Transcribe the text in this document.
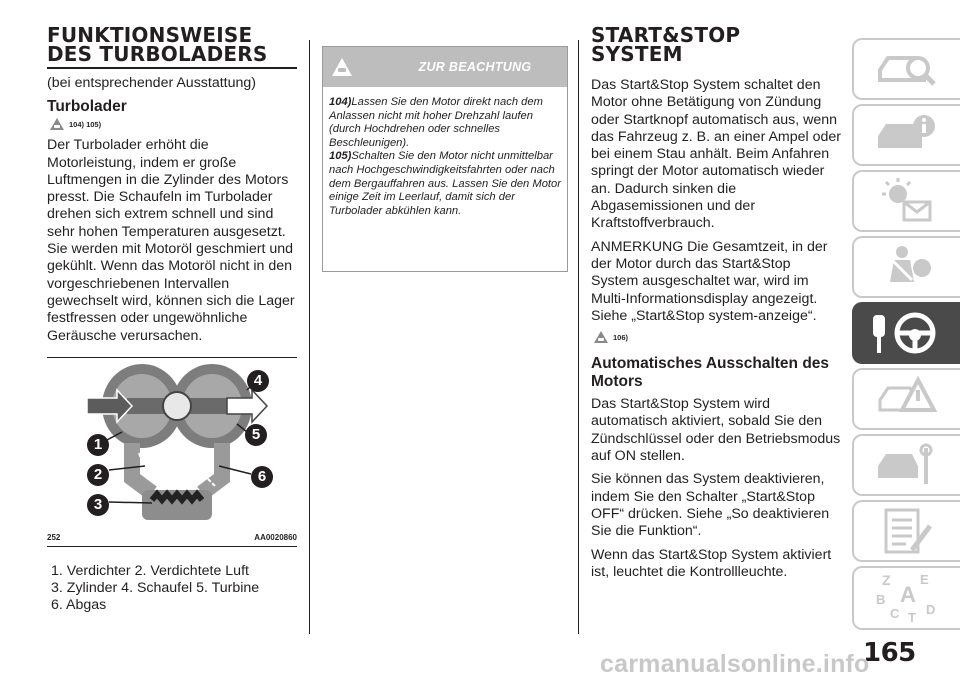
FUNKTIONSWEISE
DES TURBOLADERS
(bei entsprechender Ausstattung)
Turbolader
104) 105)
Der Turbolader erhöht die Motorleistung, indem er große Luftmengen in die Zylinder des Motors presst. Die Schaufeln im Turbolader drehen sich extrem schnell und sind sehr hohen Temperaturen ausgesetzt. Sie werden mit Motoröl geschmiert und gekühlt. Wenn das Motoröl nicht in den vorgeschriebenen Intervallen gewechselt wird, können sich die Lager festfressen oder ungewöhnliche Geräusche verursachen.
1
2
3
4
5
6
252	AA0020860
1. Verdichter 2. Verdichtete Luft
3. Zylinder 4. Schaufel 5. Turbine
6. Abgas
ZUR BEACHTUNG
104)Lassen Sie den Motor direkt nach dem Anlassen nicht mit hoher Drehzahl laufen (durch Hochdrehen oder schnelles Beschleunigen).
105)Schalten Sie den Motor nicht unmittelbar nach Hochgeschwindigkeitsfahrten oder nach dem Bergauffahren aus. Lassen Sie den Motor einige Zeit im Leerlauf, damit sich der Turbolader abkühlen kann.
START&STOP
SYSTEM
Das Start&Stop System schaltet den Motor ohne Betätigung von Zündung oder Startknopf automatisch aus, wenn das Fahrzeug z. B. an einer Ampel oder bei einem Stau anhält. Beim Anfahren springt der Motor automatisch wieder an. Dadurch sinken die Abgasemissionen und der Kraftstoffverbrauch.
ANMERKUNG Die Gesamtzeit, in der der Motor durch das Start&Stop System ausgeschaltet war, wird im Multi-Informationsdisplay angezeigt. Siehe „Start&Stop system-anzeige“.
106)
Automatisches Ausschalten des Motors
Das Start&Stop System wird automatisch aktiviert, sobald Sie den Zündschlüssel oder den Betriebsmodus auf ON stellen.
Sie können das System deaktivieren, indem Sie den Schalter „Start&Stop OFF“ drücken. Siehe „So deaktivieren Sie die Funktion“.
Wenn das Start&Stop System aktiviert ist, leuchtet die Kontrollleuchte.
Z E
A
B
D
C T
165
carmanualsonline.info
